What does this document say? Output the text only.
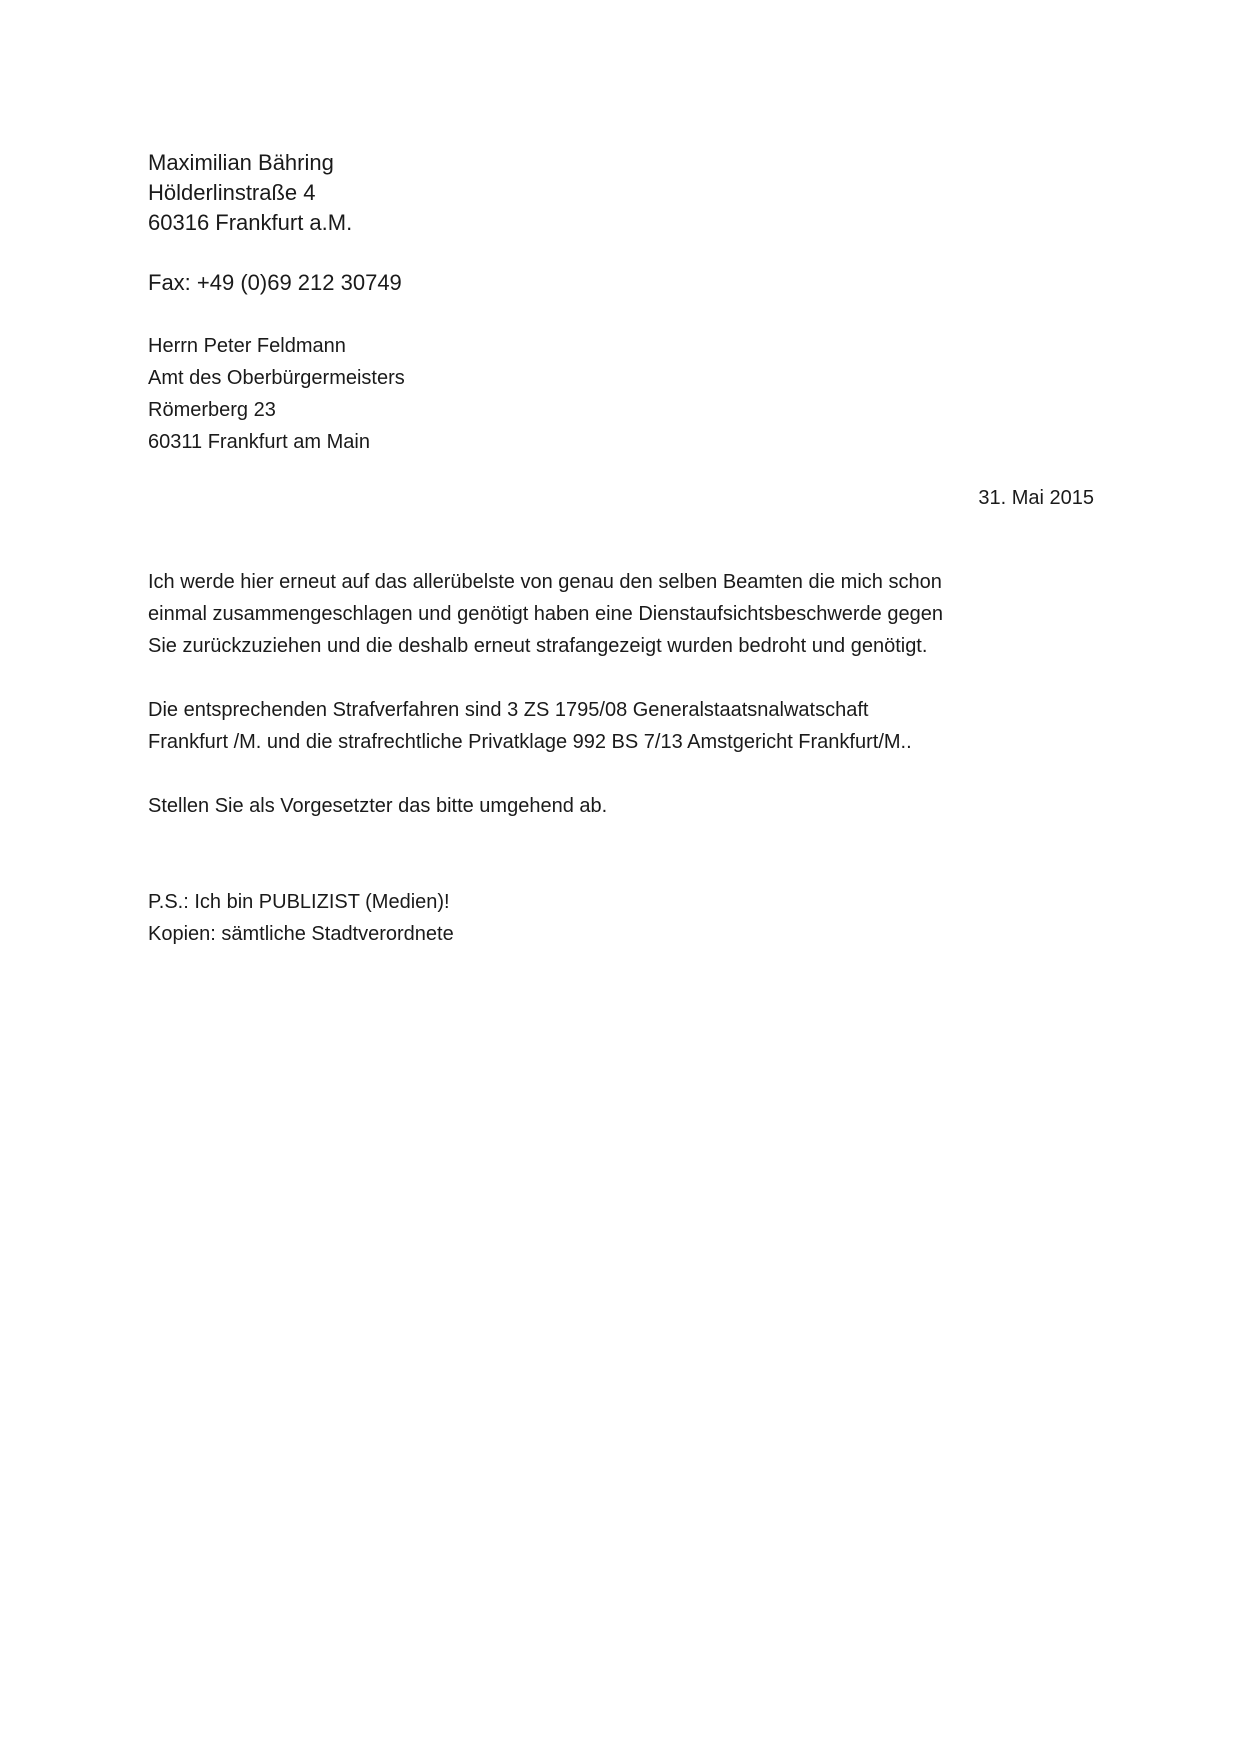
Maximilian Bähring
Hölderlinstraße 4
60316 Frankfurt a.M.
Fax: +49 (0)69 212 30749
Herrn Peter Feldmann
Amt des Oberbürgermeisters
Römerberg 23
60311 Frankfurt am Main
31. Mai 2015
Ich werde hier erneut auf das allerübelste von genau den selben Beamten die mich schon
einmal zusammengeschlagen und genötigt haben eine Dienstaufsichtsbeschwerde gegen
Sie zurückzuziehen und die deshalb erneut strafangezeigt wurden bedroht und genötigt.
Die entsprechenden Strafverfahren sind 3 ZS 1795/08 Generalstaatsnalwatschaft
Frankfurt /M. und die strafrechtliche Privatklage 992 BS 7/13 Amstgericht Frankfurt/M..
Stellen Sie als Vorgesetzter das bitte umgehend ab.
P.S.: Ich bin PUBLIZIST (Medien)!
Kopien: sämtliche Stadtverordnete
